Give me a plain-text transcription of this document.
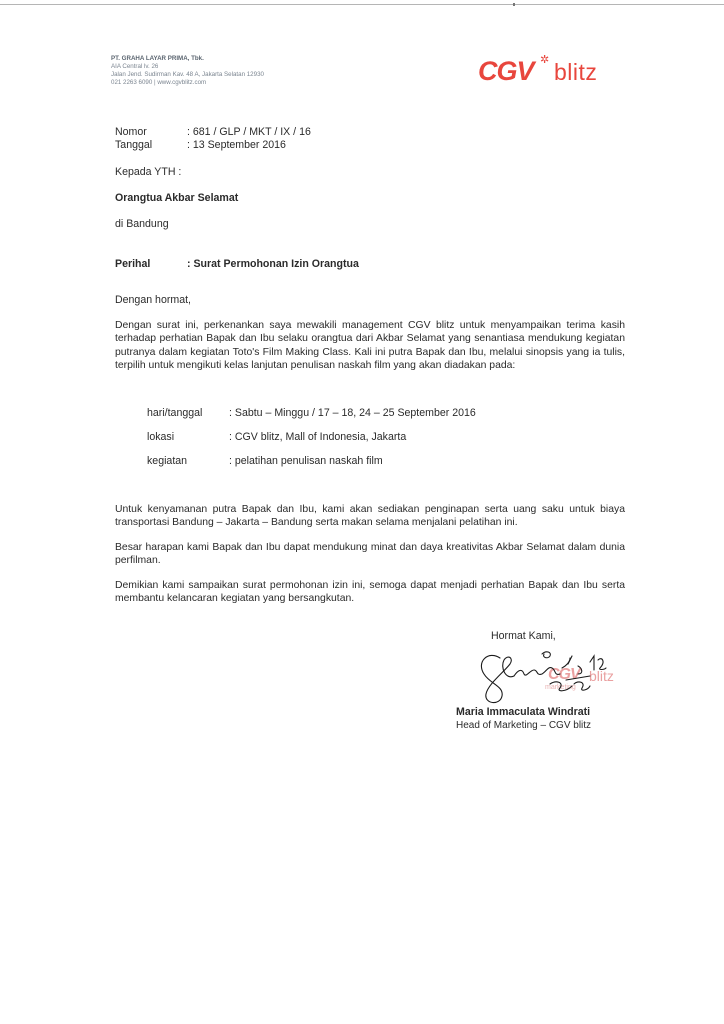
PT. GRAHA LAYAR PRIMA, Tbk.
AIA Central lv. 26
Jalan Jend. Sudirman Kav. 48 A, Jakarta Selatan 12930
021 2263 6090 | www.cgvblitz.com	CGV ✲ blitz
Nomor	: 681 / GLP / MKT / IX / 16
Tanggal	: 13 September 2016
Kepada YTH :
Orangtua Akbar Selamat
di Bandung
Perihal	: Surat Permohonan Izin Orangtua
Dengan hormat,
Dengan surat ini, perkenankan saya mewakili management CGV blitz untuk menyampaikan terima kasih terhadap perhatian Bapak dan Ibu selaku orangtua dari Akbar Selamat yang senantiasa mendukung kegiatan putranya dalam kegiatan Toto's Film Making Class. Kali ini putra Bapak dan Ibu, melalui sinopsis yang ia tulis, terpilih untuk mengikuti kelas lanjutan penulisan naskah film yang akan diadakan pada:
hari/tanggal	: Sabtu – Minggu / 17 – 18, 24 – 25 September 2016
lokasi	: CGV blitz, Mall of Indonesia, Jakarta
kegiatan	: pelatihan penulisan naskah film
Untuk kenyamanan putra Bapak dan Ibu, kami akan sediakan penginapan serta uang saku untuk biaya transportasi Bandung – Jakarta – Bandung serta makan selama menjalani pelatihan ini.
Besar harapan kami Bapak dan Ibu dapat mendukung minat dan daya kreativitas Akbar Selamat dalam dunia perfilman.
Demikian kami sampaikan surat permohonan izin ini, semoga dapat menjadi perhatian Bapak dan Ibu serta membantu kelancaran kegiatan yang bersangkutan.
Hormat Kami,
CGV blitz
marketing
Maria Immaculata Windrati
Head of Marketing – CGV blitz
